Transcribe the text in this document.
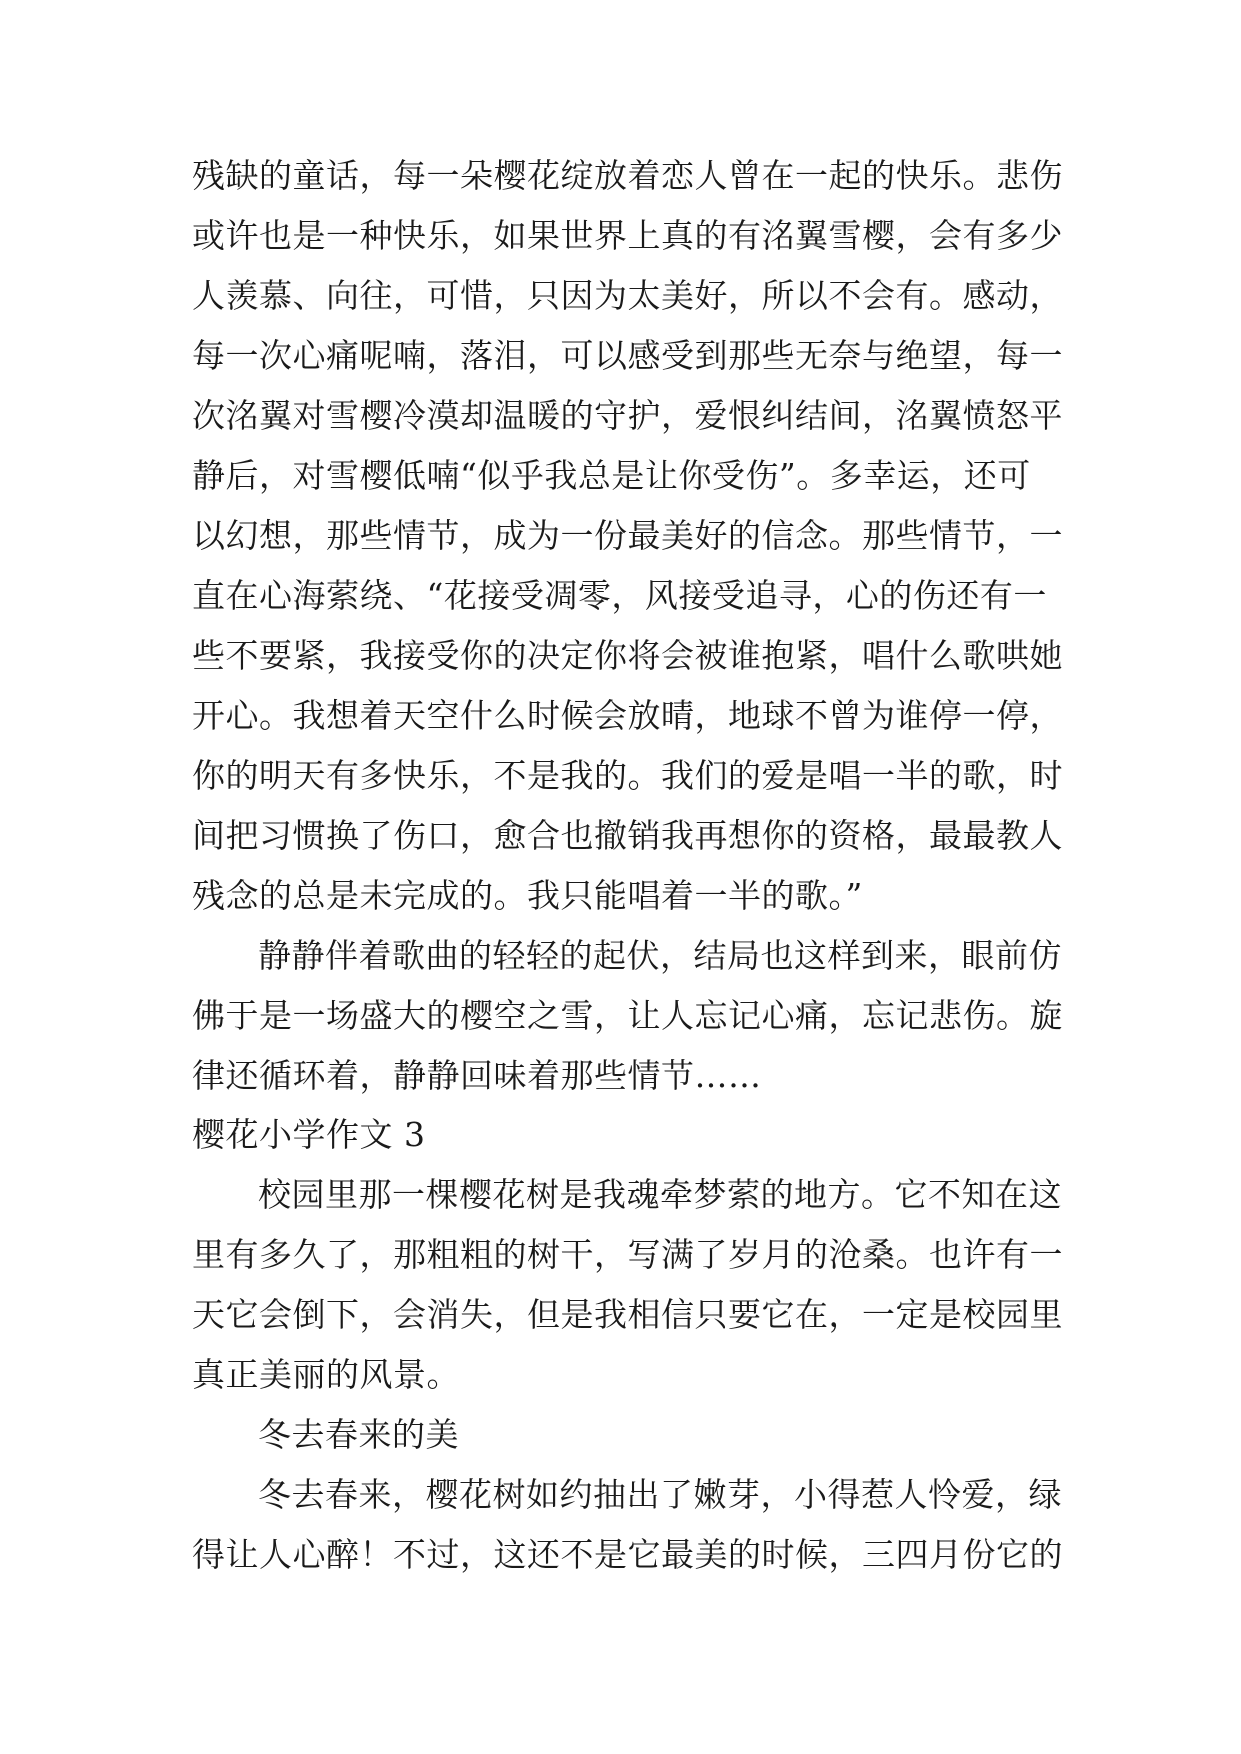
残缺的童话，每一朵樱花绽放着恋人曾在一起的快乐。悲伤
或许也是一种快乐，如果世界上真的有洺翼雪樱，会有多少
人羡慕、向往，可惜，只因为太美好，所以不会有。感动，
每一次心痛呢喃，落泪，可以感受到那些无奈与绝望，每一
次洺翼对雪樱冷漠却温暖的守护，爱恨纠结间，洺翼愤怒平
静后，对雪樱低喃“似乎我总是让你受伤”。多幸运，还可
以幻想，那些情节，成为一份最美好的信念。那些情节，一
直在心海萦绕、“花接受凋零，风接受追寻，心的伤还有一
些不要紧，我接受你的决定你将会被谁抱紧，唱什么歌哄她
开心。我想着天空什么时候会放晴，地球不曾为谁停一停，
你的明天有多快乐，不是我的。我们的爱是唱一半的歌，时
间把习惯换了伤口，愈合也撤销我再想你的资格，最最教人
残念的总是未完成的。我只能唱着一半的歌。”
静静伴着歌曲的轻轻的起伏，结局也这样到来，眼前仿
佛于是一场盛大的樱空之雪，让人忘记心痛，忘记悲伤。旋
律还循环着，静静回味着那些情节……
樱花小学作文 3
校园里那一棵樱花树是我魂牵梦萦的地方。它不知在这
里有多久了，那粗粗的树干，写满了岁月的沧桑。也许有一
天它会倒下，会消失，但是我相信只要它在，一定是校园里
真正美丽的风景。
冬去春来的美
冬去春来，樱花树如约抽出了嫩芽，小得惹人怜爱，绿
得让人心醉！不过，这还不是它最美的时候，三四月份它的
